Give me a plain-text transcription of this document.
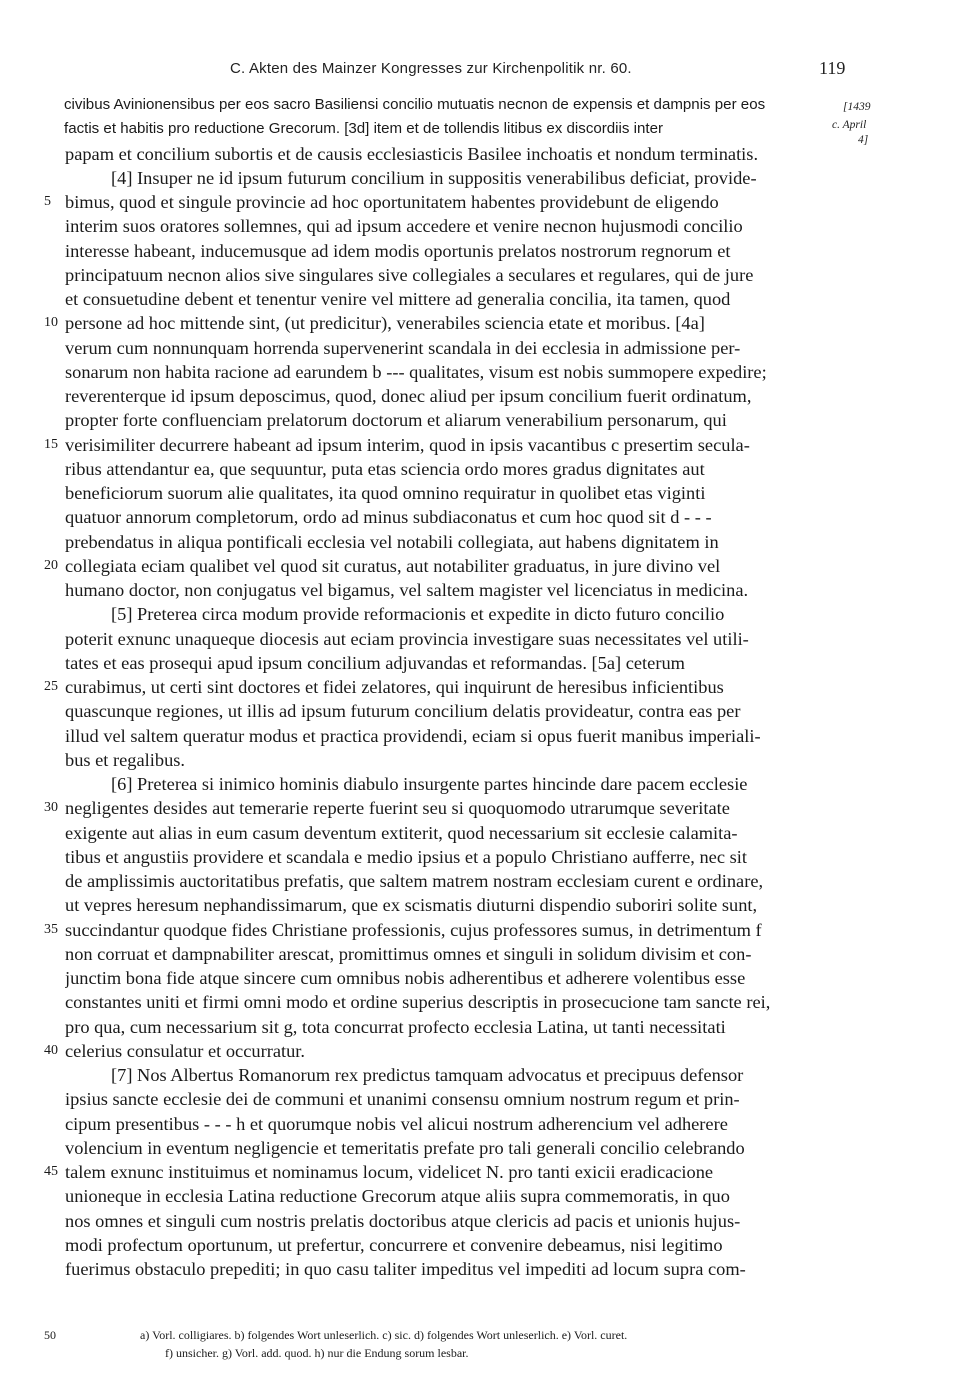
C. Akten des Mainzer Kongresses zur Kirchenpolitik nr. 60.	119
[1439
c. April
4]
civibus Avinionensibus per eos sacro Basiliensi concilio mutuatis necnon de expensis et dampnis per eos
factis et habitis pro reductione Grecorum. [3d] item et de tollendis litibus ex discordiis inter
papam et concilium subortis et de causis ecclesiasticis Basilee inchoatis et nondum terminatis.
[4] Insuper ne id ipsum futurum concilium in suppositis venerabilibus deficiat, provide-
bimus, quod et singule provincie ad hoc oportunitatem habentes providebunt de eligendo
interim suos oratores sollemnes, qui ad ipsum accedere et venire necnon hujusmodi concilio
interesse habeant, inducemusque ad idem modis oportunis prelatos nostrorum regnorum et
principatuum necnon alios sive singulares sive collegiales a seculares et regulares, qui de jure
et consuetudine debent et tenentur venire vel mittere ad generalia concilia, ita tamen, quod
persone ad hoc mittende sint, (ut predicitur), venerabiles sciencia etate et moribus. [4a]
verum cum nonnunquam horrenda supervenerint scandala in dei ecclesia in admissione per-
sonarum non habita racione ad earundem b --- qualitates, visum est nobis summopere expedire;
reverenterque id ipsum deposcimus, quod, donec aliud per ipsum concilium fuerit ordinatum,
propter forte confluenciam prelatorum doctorum et aliarum venerabilium personarum, qui
verisimiliter decurrere habeant ad ipsum interim, quod in ipsis vacantibus c presertim secula-
ribus attendantur ea, que sequuntur, puta etas sciencia ordo mores gradus dignitates aut
beneficiorum suorum alie qualitates, ita quod omnino requiratur in quolibet etas viginti
quatuor annorum completorum, ordo ad minus subdiaconatus et cum hoc quod sit d - - -
prebendatus in aliqua pontificali ecclesia vel notabili collegiata, aut habens dignitatem in
collegiata eciam qualibet vel quod sit curatus, aut notabiliter graduatus, in jure divino vel
humano doctor, non conjugatus vel bigamus, vel saltem magister vel licenciatus in medicina.
[5] Preterea circa modum provide reformacionis et expedite in dicto futuro concilio
poterit exnunc unaqueque diocesis aut eciam provincia investigare suas necessitates vel utili-
tates et eas prosequi apud ipsum concilium adjuvandas et reformandas. [5a] ceterum
curabimus, ut certi sint doctores et fidei zelatores, qui inquirunt de heresibus inficientibus
quascunque regiones, ut illis ad ipsum futurum concilium delatis provideatur, contra eas per
illud vel saltem queratur modus et practica providendi, eciam si opus fuerit manibus imperiali-
bus et regalibus.
[6] Preterea si inimico hominis diabulo insurgente partes hincinde dare pacem ecclesie
negligentes desides aut temerarie reperte fuerint seu si quoquomodo utrarumque severitate
exigente aut alias in eum casum deventum extiterit, quod necessarium sit ecclesie calamita-
tibus et angustiis providere et scandala e medio ipsius et a populo Christiano aufferre, nec sit
de amplissimis auctoritatibus prefatis, que saltem matrem nostram ecclesiam curent e ordinare,
ut vepres heresum nephandissimarum, que ex scismatis diuturni dispendio suboriri solite sunt,
succindantur quodque fides Christiane professionis, cujus professores sumus, in detrimentum f
non corruat et dampnabiliter arescat, promittimus omnes et singuli in solidum divisim et con-
junctim bona fide atque sincere cum omnibus nobis adherentibus et adherere volentibus esse
constantes uniti et firmi omni modo et ordine superius descriptis in prosecucione tam sancte rei,
pro qua, cum necessarium sit g, tota concurrat profecto ecclesia Latina, ut tanti necessitati
celerius consulatur et occurratur.
[7] Nos Albertus Romanorum rex predictus tamquam advocatus et precipuus defensor
ipsius sancte ecclesie dei de communi et unanimi consensu omnium nostrum regum et prin-
cipum presentibus - - - h et quorumque nobis vel alicui nostrum adherencium vel adherere
volencium in eventum negligencie et temeritatis prefate pro tali generali concilio celebrando
talem exnunc instituimus et nominamus locum, videlicet N. pro tanti exicii eradicacione
unioneque in ecclesia Latina reductione Grecorum atque aliis supra commemoratis, in quo
nos omnes et singuli cum nostris prelatis doctoribus atque clericis ad pacis et unionis hujus-
modi profectum oportunum, ut prefertur, concurrere et convenire debeamus, nisi legitimo
fuerimus obstaculo prepediti; in quo casu taliter impeditus vel impediti ad locum supra com-
5
10
15
20
25
30
35
40
45
50	a) Vorl. colligiares. b) folgendes Wort unleserlich. c) sic. d) folgendes Wort unleserlich. e) Vorl. curet.
f) unsicher. g) Vorl. add. quod. h) nur die Endung sorum lesbar.
